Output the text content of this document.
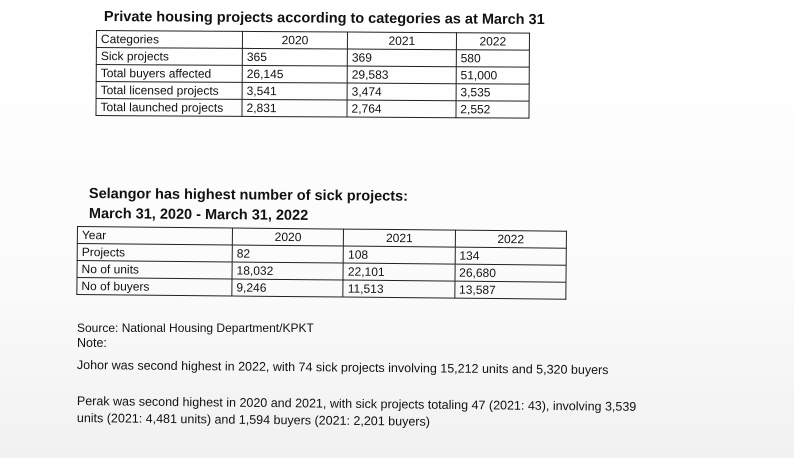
Private housing projects according to categories as at March 31
Categories	2020	2021	2022
Sick projects	365	369	580
Total buyers affected	26,145	29,583	51,000
Total licensed projects	3,541	3,474	3,535
Total launched projects	2,831	2,764	2,552
Selangor has highest number of sick projects:
March 31, 2020 - March 31, 2022
Year	2020	2021	2022
Projects	82	108	134
No of units	18,032	22,101	26,680
No of buyers	9,246	11,513	13,587
Source: National Housing Department/KPKT
Note:
Johor was second highest in 2022, with 74 sick projects involving 15,212 units and 5,320 buyers
Perak was second highest in 2020 and 2021, with sick projects totaling 47 (2021: 43), involving 3,539
units (2021: 4,481 units) and 1,594 buyers (2021: 2,201 buyers)
